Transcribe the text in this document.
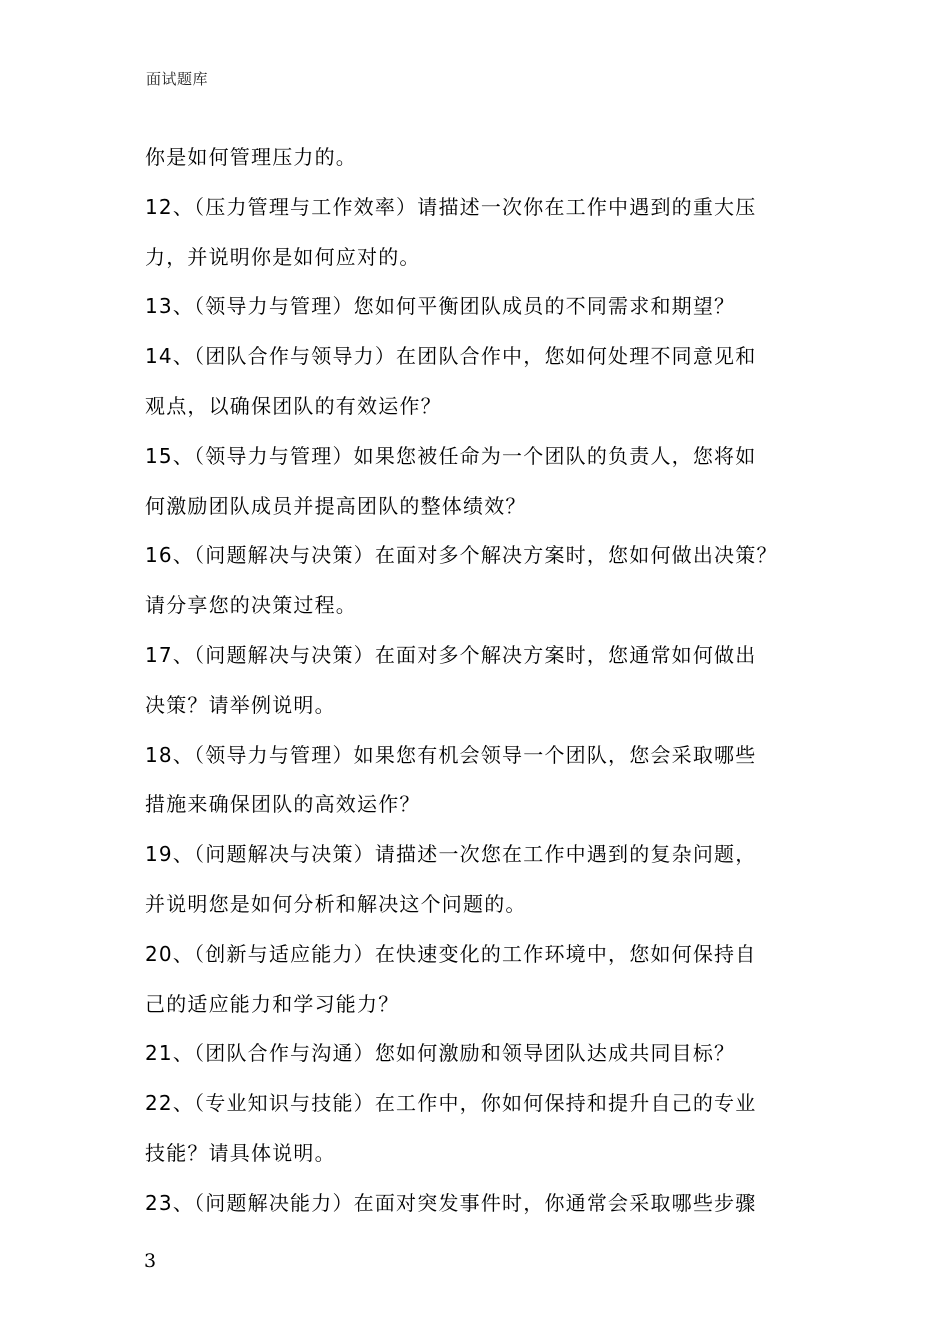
面试题库
你是如何管理压力的。
12、（压力管理与工作效率）请描述一次你在工作中遇到的重大压
力，并说明你是如何应对的。
13、（领导力与管理）您如何平衡团队成员的不同需求和期望？
14、（团队合作与领导力）在团队合作中，您如何处理不同意见和
观点，以确保团队的有效运作？
15、（领导力与管理）如果您被任命为一个团队的负责人，您将如
何激励团队成员并提高团队的整体绩效？
16、（问题解决与决策）在面对多个解决方案时，您如何做出决策？
请分享您的决策过程。
17、（问题解决与决策）在面对多个解决方案时，您通常如何做出
决策？请举例说明。
18、（领导力与管理）如果您有机会领导一个团队，您会采取哪些
措施来确保团队的高效运作？
19、（问题解决与决策）请描述一次您在工作中遇到的复杂问题，
并说明您是如何分析和解决这个问题的。
20、（创新与适应能力）在快速变化的工作环境中，您如何保持自
己的适应能力和学习能力？
21、（团队合作与沟通）您如何激励和领导团队达成共同目标？
22、（专业知识与技能）在工作中，你如何保持和提升自己的专业
技能？请具体说明。
23、（问题解决能力）在面对突发事件时，你通常会采取哪些步骤
3
